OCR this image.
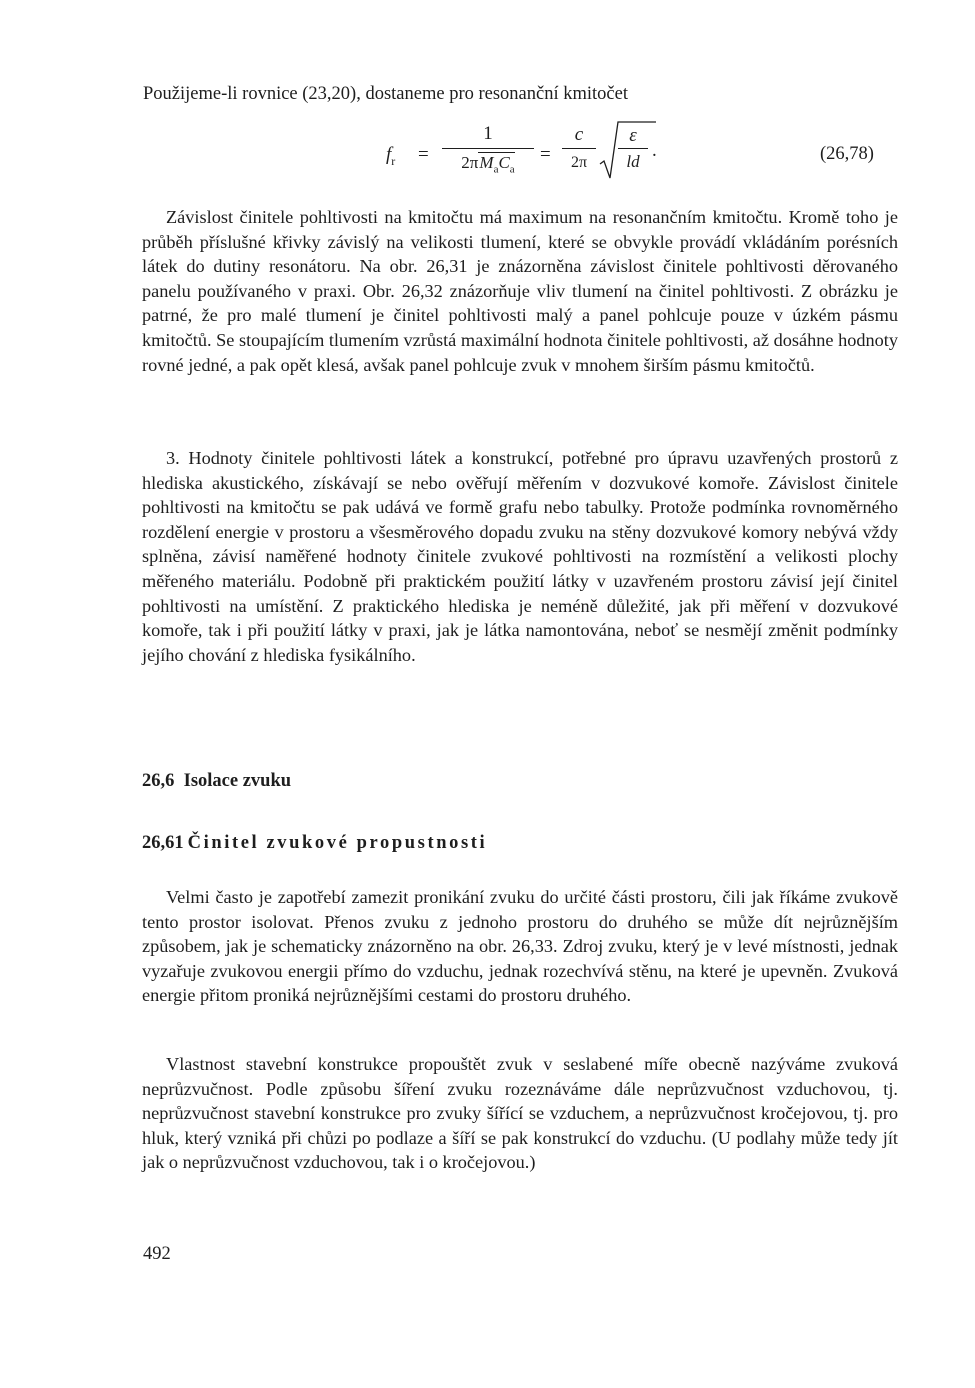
Použijeme-li rovnice (23,20), dostaneme pro resonanční kmitočet

$f_r$ =
1
$2\pi M_aC_a$
=
c
2π
ε
ld
.	(26,78)

Závislost činitele pohltivosti na kmitočtu má maximum na resonančním kmitočtu. Kromě toho je průběh příslušné křivky závislý na velikosti tlumení, které se obvykle provádí vkládáním porésních látek do dutiny resonátoru. Na obr. 26,31 je znázorněna závislost činitele pohltivosti děrovaného panelu používaného v praxi. Obr. 26,32 znázorňuje vliv tlumení na činitel pohltivosti. Z obrázku je patrné, že pro malé tlumení je činitel pohltivosti malý a panel pohlcuje pouze v úzkém pásmu kmitočtů. Se stoupajícím tlumením vzrůstá maximální hodnota činitele pohltivosti, až dosáhne hodnoty rovné jedné, a pak opět klesá, avšak panel pohlcuje zvuk v mnohem širším pásmu kmitočtů.

3. Hodnoty činitele pohltivosti látek a konstrukcí, potřebné pro úpravu uzavřených prostorů z hlediska akustického, získávají se nebo ověřují měřením v dozvukové komoře. Závislost činitele pohltivosti na kmitočtu se pak udává ve formě grafu nebo tabulky. Protože podmínka rovnoměrného rozdělení energie v prostoru a všesměrového dopadu zvuku na stěny dozvukové komory nebývá vždy splněna, závisí naměřené hodnoty činitele zvukové pohltivosti na rozmístění a velikosti plochy měřeného materiálu. Podobně při praktickém použití látky v uzavřeném prostoru závisí její činitel pohltivosti na umístění. Z praktického hlediska je neméně důležité, jak při měření v dozvukové komoře, tak i při použití látky v praxi, jak je látka namontována, neboť se nesmějí změnit podmínky jejího chování z hlediska fysikálního.

26,6 Isolace zvuku
26,61 Činitel zvukové propustnosti

Velmi často je zapotřebí zamezit pronikání zvuku do určité části prostoru, čili jak říkáme zvukově tento prostor isolovat. Přenos zvuku z jednoho prostoru do druhého se může dít nejrůznějším způsobem, jak je schematicky znázorněno na obr. 26,33. Zdroj zvuku, který je v levé místnosti, jednak vyzařuje zvukovou energii přímo do vzduchu, jednak rozechvívá stěnu, na které je upevněn. Zvuková energie přitom proniká nejrůznějšími cestami do prostoru druhého.

Vlastnost stavební konstrukce propouštět zvuk v seslabené míře obecně nazýváme zvuková neprůzvučnost. Podle způsobu šíření zvuku rozeznáváme dále neprůzvučnost vzduchovou, tj. neprůzvučnost stavební konstrukce pro zvuky šířící se vzduchem, a neprůzvučnost kročejovou, tj. pro hluk, který vzniká při chůzi po podlaze a šíří se pak konstrukcí do vzduchu. (U podlahy může tedy jít jak o neprůzvučnost vzduchovou, tak i o kročejovou.)

492
